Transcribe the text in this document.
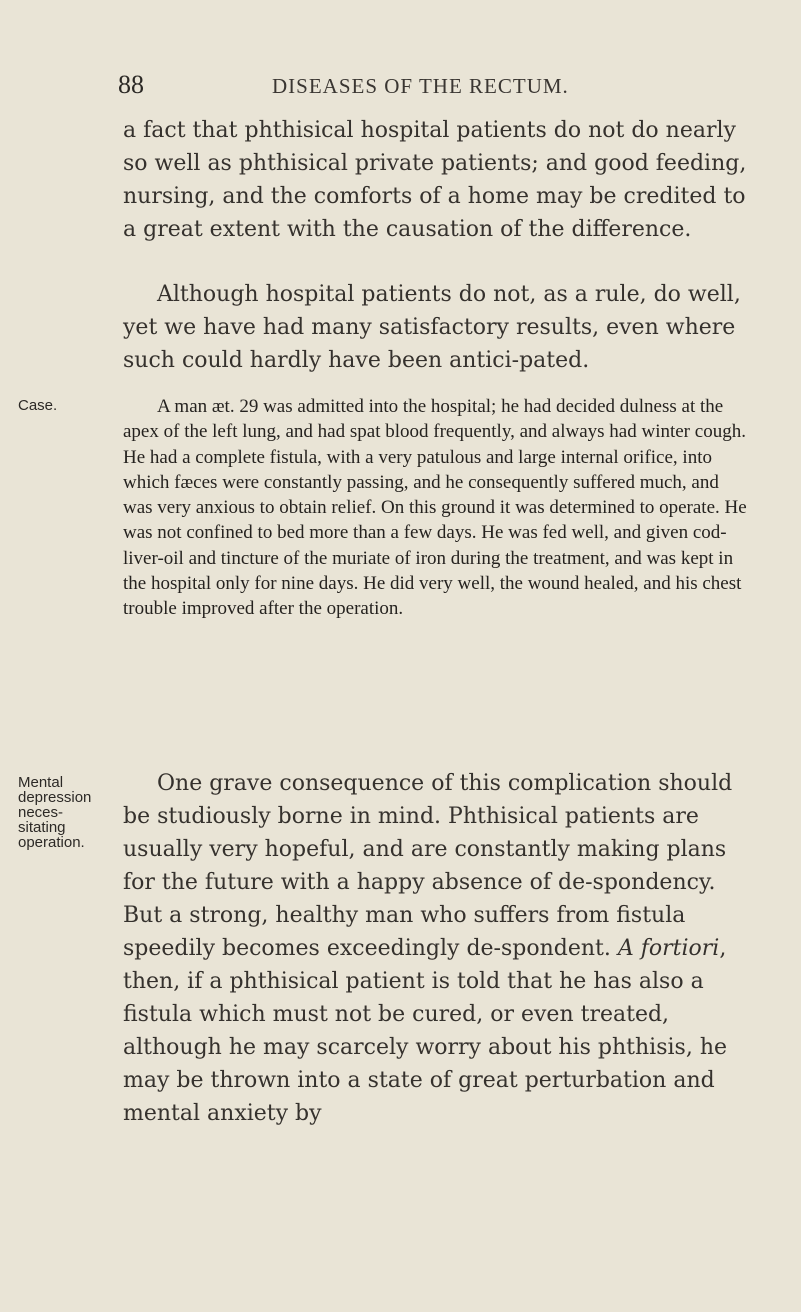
88	DISEASES OF THE RECTUM.
a fact that phthisical hospital patients do not do nearly so well as phthisical private patients; and good feeding, nursing, and the comforts of a home may be credited to a great extent with the causation of the difference.
Although hospital patients do not, as a rule, do well, yet we have had many satisfactory results, even where such could hardly have been antici-pated.
Case.	A man æt. 29 was admitted into the hospital; he had decided dulness at the apex of the left lung, and had spat blood frequently, and always had winter cough. He had a complete fistula, with a very patulous and large internal orifice, into which fæces were constantly passing, and he consequently suffered much, and was very anxious to obtain relief. On this ground it was determined to operate. He was not confined to bed more than a few days. He was fed well, and given cod-liver-oil and tincture of the muriate of iron during the treatment, and was kept in the hospital only for nine days. He did very well, the wound healed, and his chest trouble improved after the operation.
Mental
depression
neces-
sitating
operation.
One grave consequence of this complication should be studiously borne in mind. Phthisical patients are usually very hopeful, and are constantly making plans for the future with a happy absence of de-spondency. But a strong, healthy man who suffers from fistula speedily becomes exceedingly de-spondent. A fortiori, then, if a phthisical patient is told that he has also a fistula which must not be cured, or even treated, although he may scarcely worry about his phthisis, he may be thrown into a state of great perturbation and mental anxiety by
